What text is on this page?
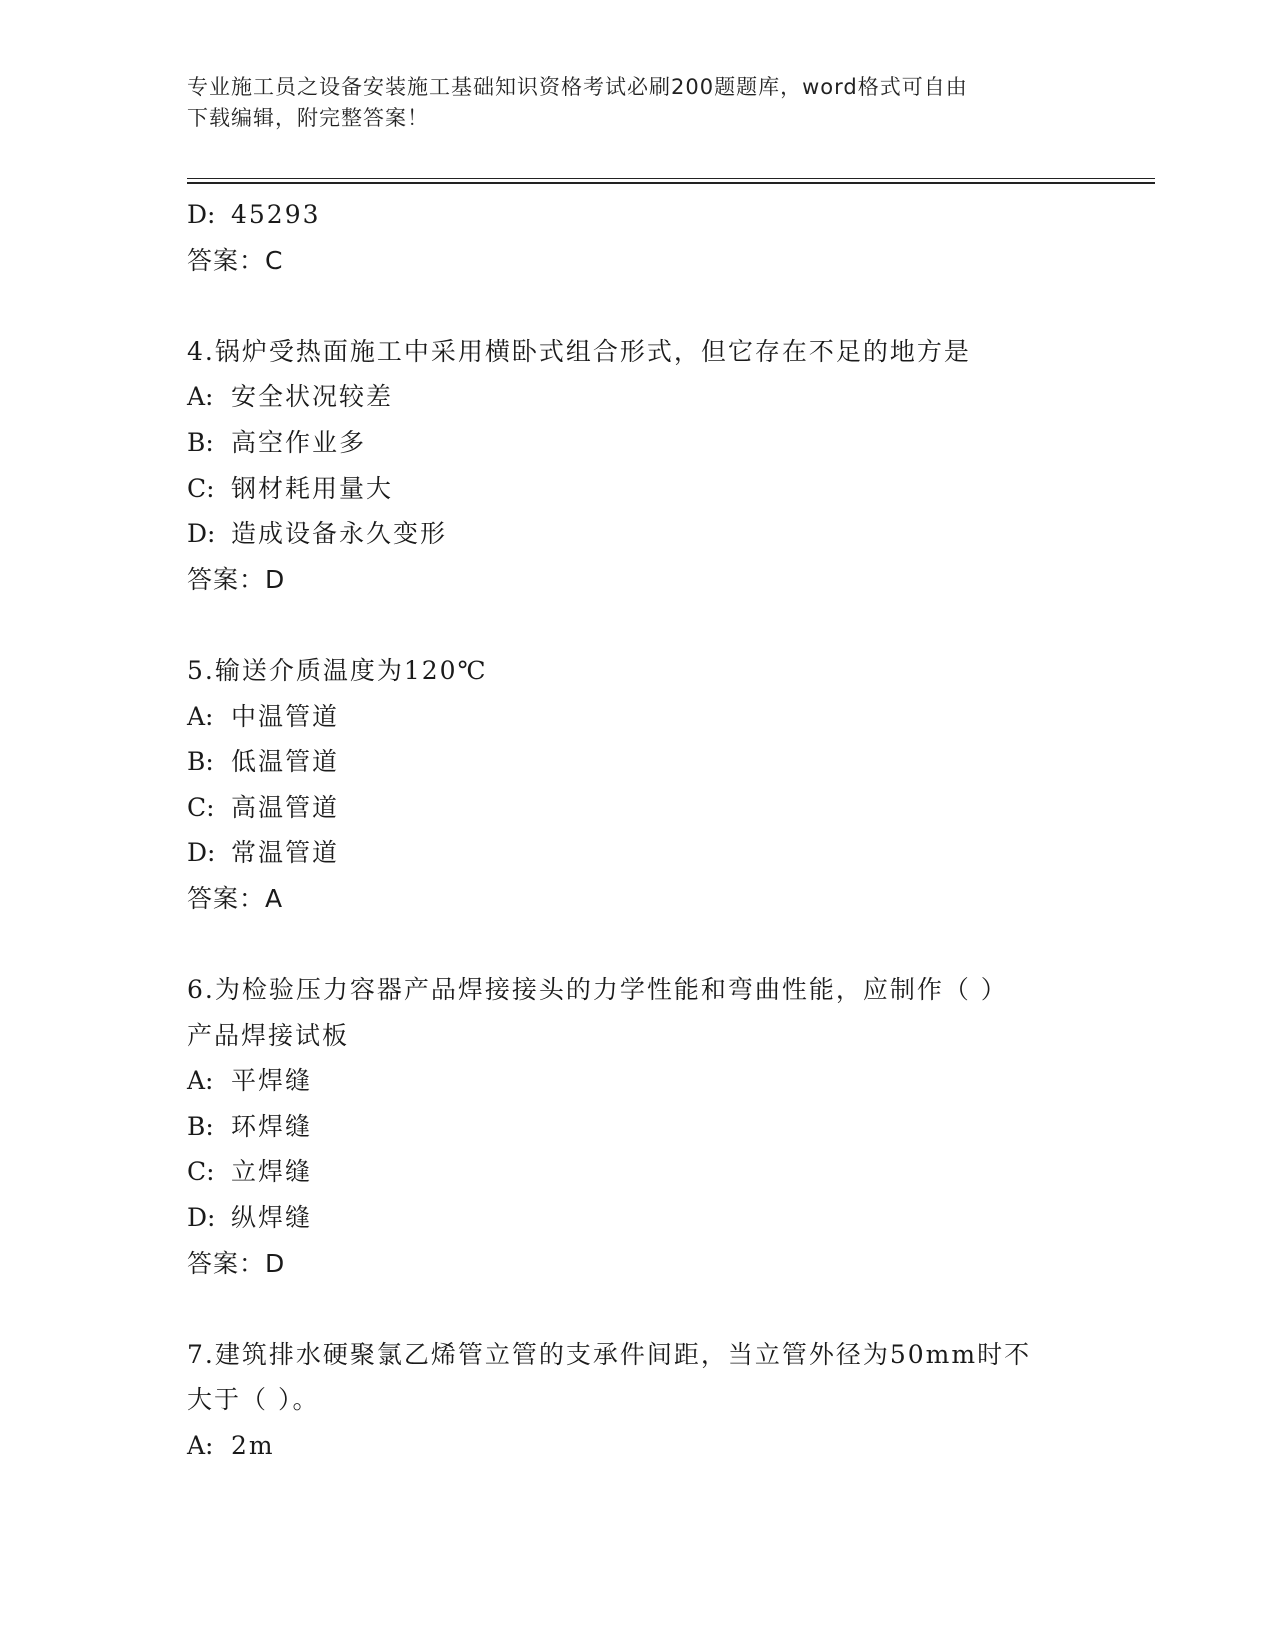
专业施工员之设备安装施工基础知识资格考试必刷200题题库，word格式可自由
下载编辑，附完整答案！
D: 45293
答案：C
4.锅炉受热面施工中采用横卧式组合形式，但它存在不足的地方是
A: 安全状况较差
B: 高空作业多
C: 钢材耗用量大
D: 造成设备永久变形
答案：D
5.输送介质温度为120℃
A: 中温管道
B: 低温管道
C: 高温管道
D: 常温管道
答案：A
6.为检验压力容器产品焊接接头的力学性能和弯曲性能，应制作（ ）
产品焊接试板
A: 平焊缝
B: 环焊缝
C: 立焊缝
D: 纵焊缝
答案：D
7.建筑排水硬聚氯乙烯管立管的支承件间距，当立管外径为50mm时不
大于（ ）。
A: 2m
